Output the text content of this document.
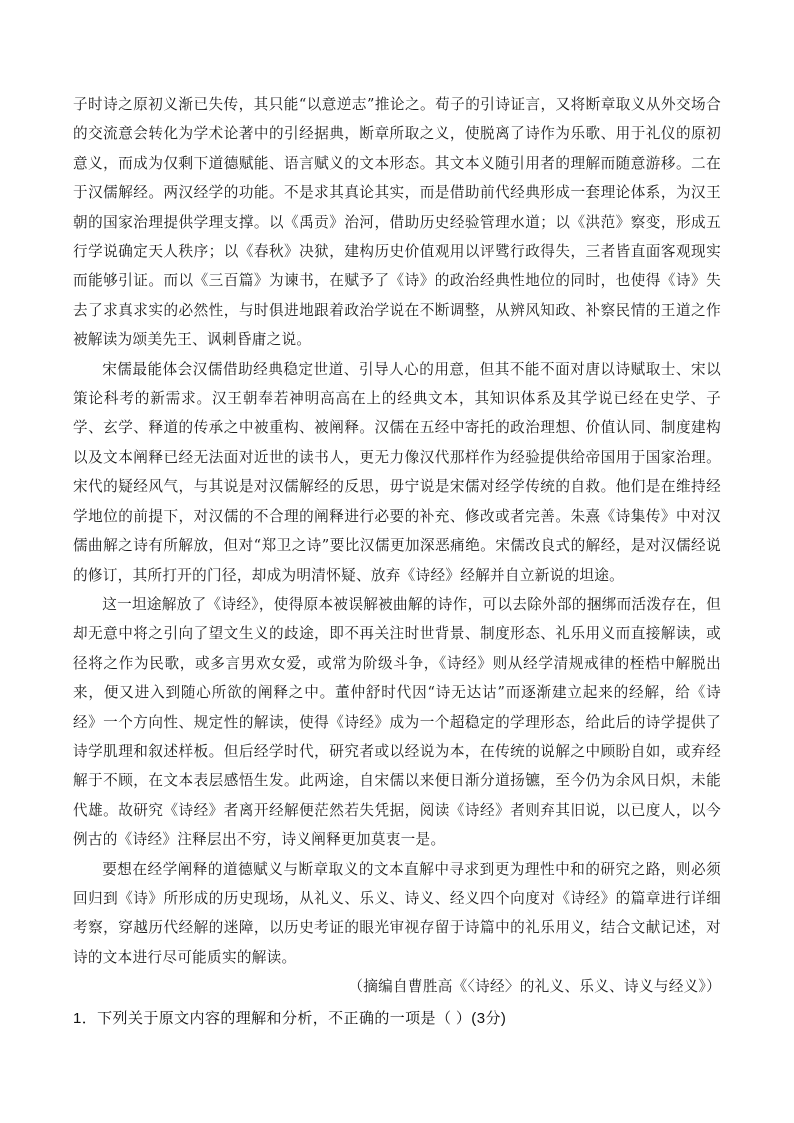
子时诗之原初义渐已失传，其只能“以意逆志”推论之。荀子的引诗证言，又将断章取义从外交场合的交流意会转化为学术论著中的引经据典，断章所取之义，使脱离了诗作为乐歌、用于礼仪的原初意义，而成为仅剩下道德赋能、语言赋义的文本形态。其文本义随引用者的理解而随意游移。二在于汉儒解经。两汉经学的功能。不是求其真论其实，而是借助前代经典形成一套理论体系，为汉王朝的国家治理提供学理支撑。以《禹贡》治河，借助历史经验管理水道；以《洪范》察变，形成五行学说确定天人秩序；以《春秋》决狱，建构历史价值观用以评骘行政得失，三者皆直面客观现实而能够引证。而以《三百篇》为谏书，在赋予了《诗》的政治经典性地位的同时，也使得《诗》失去了求真求实的必然性，与时俱进地跟着政治学说在不断调整，从辨风知政、补察民情的王道之作被解读为颂美先王、讽刺昏庸之说。

宋儒最能体会汉儒借助经典稳定世道、引导人心的用意，但其不能不面对唐以诗赋取士、宋以策论科考的新需求。汉王朝奉若神明高高在上的经典文本，其知识体系及其学说已经在史学、子学、玄学、释道的传承之中被重构、被阐释。汉儒在五经中寄托的政治理想、价值认同、制度建构以及文本阐释已经无法面对近世的读书人，更无力像汉代那样作为经验提供给帝国用于国家治理。宋代的疑经风气，与其说是对汉儒解经的反思，毋宁说是宋儒对经学传统的自救。他们是在维持经学地位的前提下，对汉儒的不合理的阐释进行必要的补充、修改或者完善。朱熹《诗集传》中对汉儒曲解之诗有所解放，但对“郑卫之诗”要比汉儒更加深恶痛绝。宋儒改良式的解经，是对汉儒经说的修订，其所打开的门径，却成为明清怀疑、放弃《诗经》经解并自立新说的坦途。

这一坦途解放了《诗经》，使得原本被误解被曲解的诗作，可以去除外部的捆绑而活泼存在，但却无意中将之引向了望文生义的歧途，即不再关注时世背景、制度形态、礼乐用义而直接解读，或径将之作为民歌，或多言男欢女爱，或常为阶级斗争，《诗经》则从经学清规戒律的桎梏中解脱出来，便又进入到随心所欲的阐释之中。董仲舒时代因“诗无达诂”而逐渐建立起来的经解，给《诗经》一个方向性、规定性的解读，使得《诗经》成为一个超稳定的学理形态，给此后的诗学提供了诗学肌理和叙述样板。但后经学时代，研究者或以经说为本，在传统的说解之中顾盼自如，或弃经解于不顾，在文本表层感悟生发。此两途，自宋儒以来便日渐分道扬镳，至今仍为余风日炽，未能代雄。故研究《诗经》者离开经解便茫然若失凭据，阅读《诗经》者则弃其旧说，以已度人，以今例古的《诗经》注释层出不穷，诗义阐释更加莫衷一是。

要想在经学阐释的道德赋义与断章取义的文本直解中寻求到更为理性中和的研究之路，则必须回归到《诗》所形成的历史现场，从礼义、乐义、诗义、经义四个向度对《诗经》的篇章进行详细考察，穿越历代经解的迷障，以历史考证的眼光审视存留于诗篇中的礼乐用义，结合文献记述，对诗的文本进行尽可能质实的解读。

（摘编自曹胜高《〈诗经〉的礼义、乐义、诗义与经义》）

1．下列关于原文内容的理解和分析，不正确的一项是（ ）(3分)
